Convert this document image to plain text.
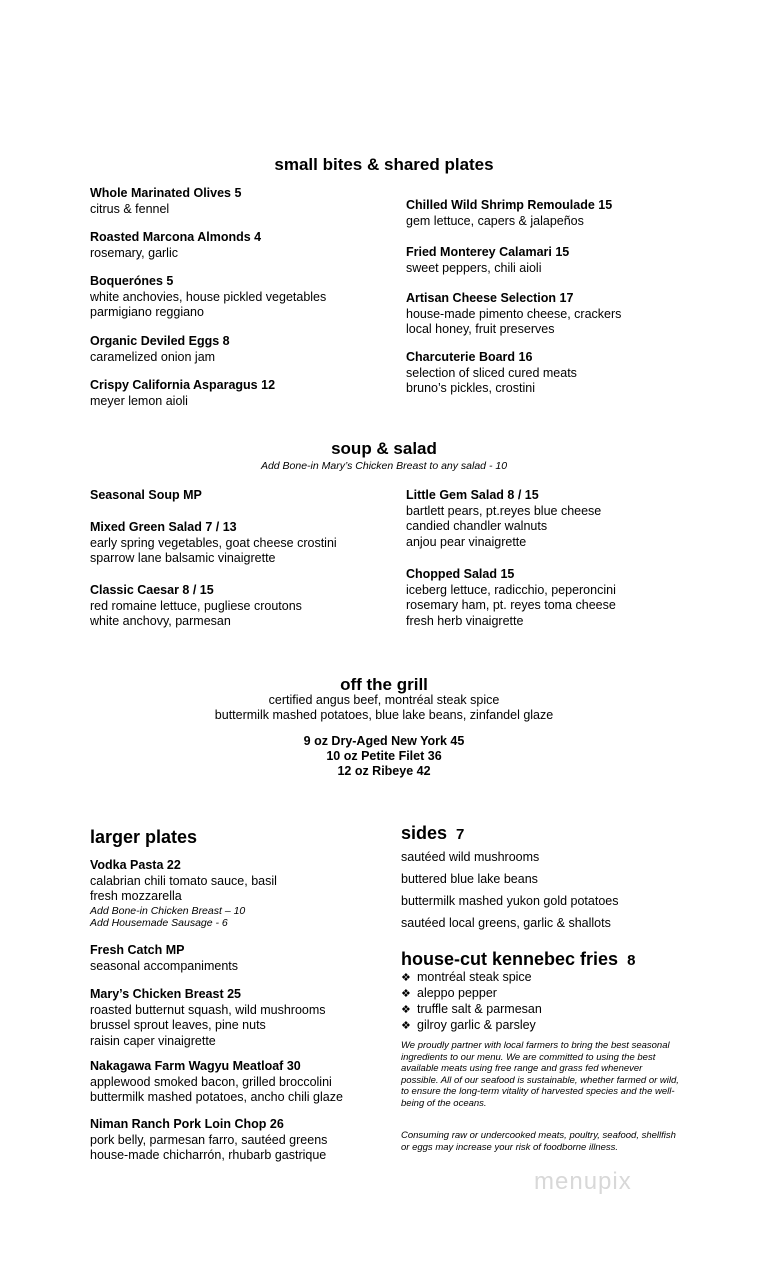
small bites & shared plates
Whole Marinated Olives 5
citrus & fennel
Roasted Marcona Almonds 4
rosemary, garlic
Boquerónes 5
white anchovies, house pickled vegetables
parmigiano reggiano
Organic Deviled Eggs 8
caramelized onion jam
Crispy California Asparagus 12
meyer lemon aioli
Chilled Wild Shrimp Remoulade 15
gem lettuce, capers & jalapeños
Fried Monterey Calamari 15
sweet peppers, chili aioli
Artisan Cheese Selection 17
house-made pimento cheese, crackers
local honey, fruit preserves
Charcuterie Board 16
selection of sliced cured meats
bruno’s pickles, crostini
soup & salad
Add Bone-in Mary’s Chicken Breast to any salad - 10
Seasonal Soup MP
Mixed Green Salad 7 / 13
early spring vegetables, goat cheese crostini
sparrow lane balsamic vinaigrette
Classic Caesar 8 / 15
red romaine lettuce, pugliese croutons
white anchovy, parmesan
Little Gem Salad 8 / 15
bartlett pears, pt.reyes blue cheese
candied chandler walnuts
anjou pear vinaigrette
Chopped Salad 15
iceberg lettuce, radicchio, peperoncini
rosemary ham, pt. reyes toma cheese
fresh herb vinaigrette
off the grill
certified angus beef, montréal steak spice
buttermilk mashed potatoes, blue lake beans, zinfandel glaze
9 oz Dry-Aged New York 45
10 oz Petite Filet 36
12 oz Ribeye 42
larger plates
Vodka Pasta 22
calabrian chili tomato sauce, basil
fresh mozzarella
Add Bone-in Chicken Breast – 10
Add Housemade Sausage - 6
Fresh Catch MP
seasonal accompaniments
Mary’s Chicken Breast 25
roasted butternut squash, wild mushrooms
brussel sprout leaves, pine nuts
raisin caper vinaigrette
Nakagawa Farm Wagyu Meatloaf 30
applewood smoked bacon, grilled broccolini
buttermilk mashed potatoes, ancho chili glaze
Niman Ranch Pork Loin Chop 26
pork belly, parmesan farro, sautéed greens
house-made chicharrón, rhubarb gastrique
sides 7
sautéed wild mushrooms
buttered blue lake beans
buttermilk mashed yukon gold potatoes
sautéed local greens, garlic & shallots
house-cut kennebec fries 8
❖ montréal steak spice
❖ aleppo pepper
❖ truffle salt & parmesan
❖ gilroy garlic & parsley
We proudly partner with local farmers to bring the best seasonal ingredients to our menu. We are committed to using the best available meats using free range and grass fed whenever possible. All of our seafood is sustainable, whether farmed or wild, to ensure the long-term vitality of harvested species and the well-being of the oceans.
Consuming raw or undercooked meats, poultry, seafood, shellfish or eggs may increase your risk of foodborne illness.
menupix
